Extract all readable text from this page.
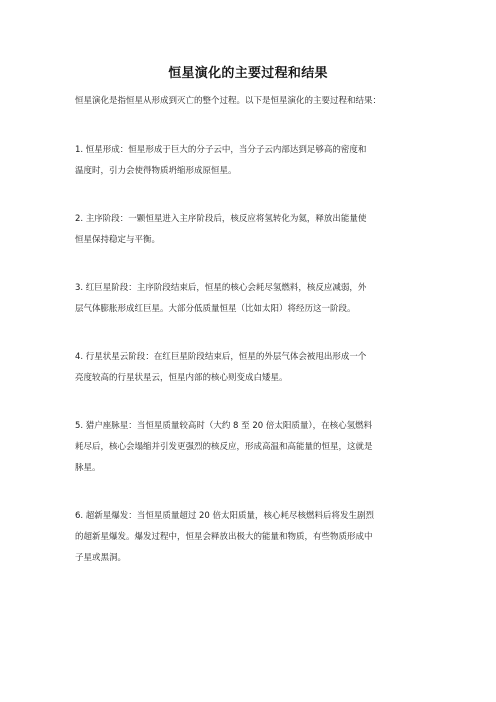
恒星演化的主要过程和结果
恒星演化是指恒星从形成到灭亡的整个过程。以下是恒星演化的主要过程和结果：
1. 恒星形成：恒星形成于巨大的分子云中，当分子云内部达到足够高的密度和
温度时，引力会使得物质坍缩形成原恒星。
2. 主序阶段：一颗恒星进入主序阶段后，核反应将氢转化为氦，释放出能量使
恒星保持稳定与平衡。
3. 红巨星阶段：主序阶段结束后，恒星的核心会耗尽氢燃料，核反应减弱，外
层气体膨胀形成红巨星。大部分低质量恒星（比如太阳）将经历这一阶段。
4. 行星状星云阶段：在红巨星阶段结束后，恒星的外层气体会被甩出形成一个
亮度较高的行星状星云，恒星内部的核心则变成白矮星。
5. 猎户座脉星：当恒星质量较高时（大约 8 至 20 倍太阳质量），在核心氢燃料
耗尽后，核心会塌缩并引发更强烈的核反应，形成高温和高能量的恒星，这就是
脉星。
6. 超新星爆发：当恒星质量超过 20 倍太阳质量，核心耗尽核燃料后将发生剧烈
的超新星爆发。爆发过程中，恒星会释放出极大的能量和物质，有些物质形成中
子星或黑洞。
